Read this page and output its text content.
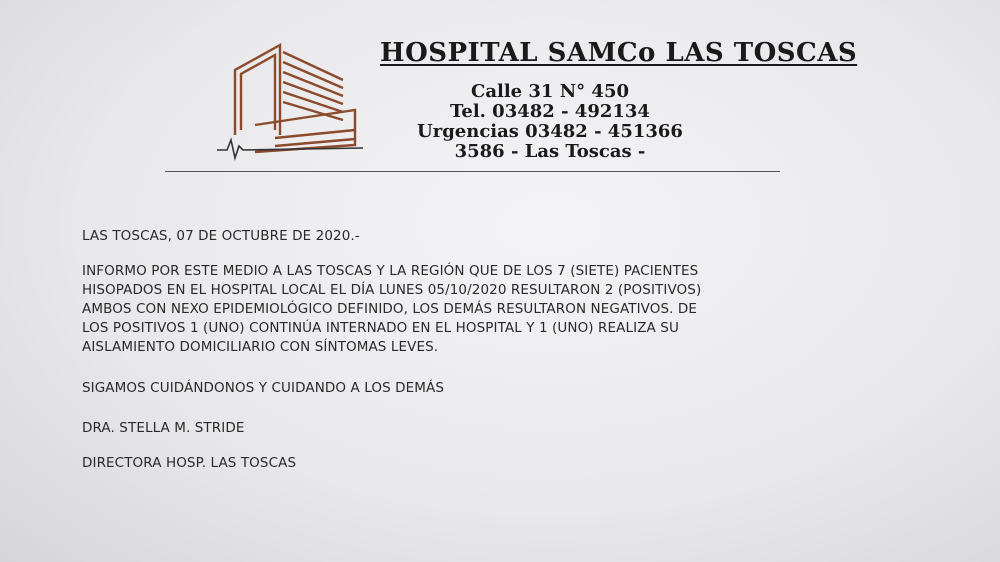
HOSPITAL SAMCo LAS TOSCAS
Calle 31 N° 450
Tel. 03482 - 492134
Urgencias 03482 - 451366
3586 - Las Toscas -
LAS TOSCAS, 07 DE OCTUBRE DE 2020.-
INFORMO POR ESTE MEDIO A LAS TOSCAS Y LA REGIÓN QUE DE LOS 7 (SIETE) PACIENTES
HISOPADOS EN EL HOSPITAL LOCAL EL DÍA LUNES 05/10/2020 RESULTARON 2 (POSITIVOS)
AMBOS CON NEXO EPIDEMIOLÓGICO DEFINIDO, LOS DEMÁS RESULTARON NEGATIVOS. DE
LOS POSITIVOS 1 (UNO) CONTINÚA INTERNADO EN EL HOSPITAL Y 1 (UNO) REALIZA SU
AISLAMIENTO DOMICILIARIO CON SÍNTOMAS LEVES.
SIGAMOS CUIDÁNDONOS Y CUIDANDO A LOS DEMÁS
DRA. STELLA M. STRIDE
DIRECTORA HOSP. LAS TOSCAS
